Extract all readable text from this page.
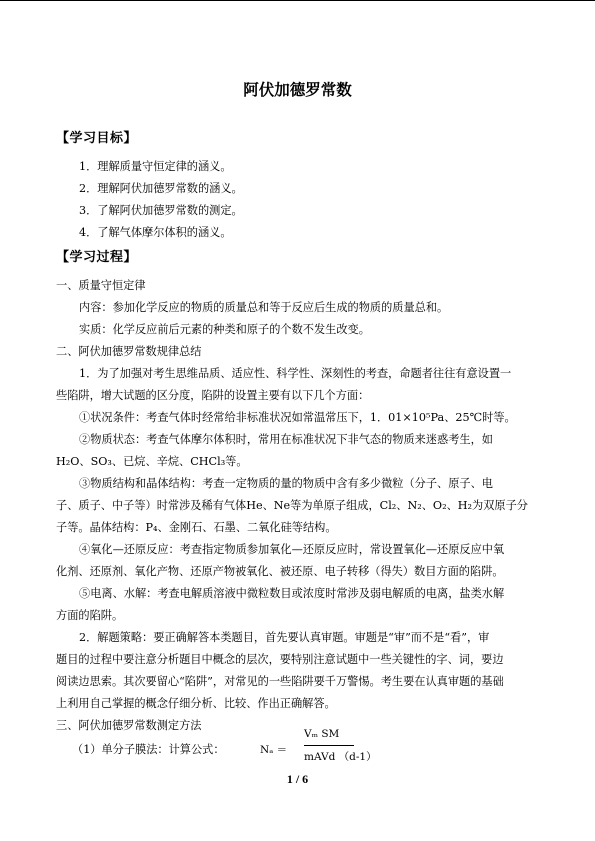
阿伏加德罗常数
【学习目标】
1．理解质量守恒定律的涵义。
2．理解阿伏加德罗常数的涵义。
3．了解阿伏加德罗常数的测定。
4．了解气体摩尔体积的涵义。
【学习过程】
一、质量守恒定律
内容：参加化学反应的物质的质量总和等于反应后生成的物质的质量总和。
实质：化学反应前后元素的种类和原子的个数不发生改变。
二、阿伏加德罗常数规律总结
1．为了加强对考生思维品质、适应性、科学性、深刻性的考查，命题者往往有意设置一
些陷阱，增大试题的区分度，陷阱的设置主要有以下几个方面：
①状况条件：考查气体时经常给非标准状况如常温常压下，1．01×10⁵Pa、25℃时等。
②物质状态：考查气体摩尔体积时，常用在标准状况下非气态的物质来迷惑考生，如
H₂O、SO₃、已烷、辛烷、CHCl₃等。
③物质结构和晶体结构：考查一定物质的量的物质中含有多少微粒（分子、原子、电
子、质子、中子等）时常涉及稀有气体He、Ne等为单原子组成，Cl₂、N₂、O₂、H₂为双原子分
子等。晶体结构：P₄、金刚石、石墨、二氧化硅等结构。
④氧化—还原反应：考查指定物质参加氧化—还原反应时，常设置氧化—还原反应中氧
化剂、还原剂、氧化产物、还原产物被氧化、被还原、电子转移（得失）数目方面的陷阱。
⑤电离、水解：考查电解质溶液中微粒数目或浓度时常涉及弱电解质的电离，盐类水解
方面的陷阱。
2．解题策略：要正确解答本类题目，首先要认真审题。审题是“审”而不是“看”，审
题目的过程中要注意分析题目中概念的层次，要特别注意试题中一些关键性的字、词，要边
阅读边思索。其次要留心“陷阱”，对常见的一些陷阱要千万警惕。考生要在认真审题的基础
上利用自己掌握的概念仔细分析、比较、作出正确解答。
三、阿伏加德罗常数测定方法
（1）单分子膜法：计算公式：	Nₐ ＝
Vₘ SM
mAVd （d-1）
1 / 6
